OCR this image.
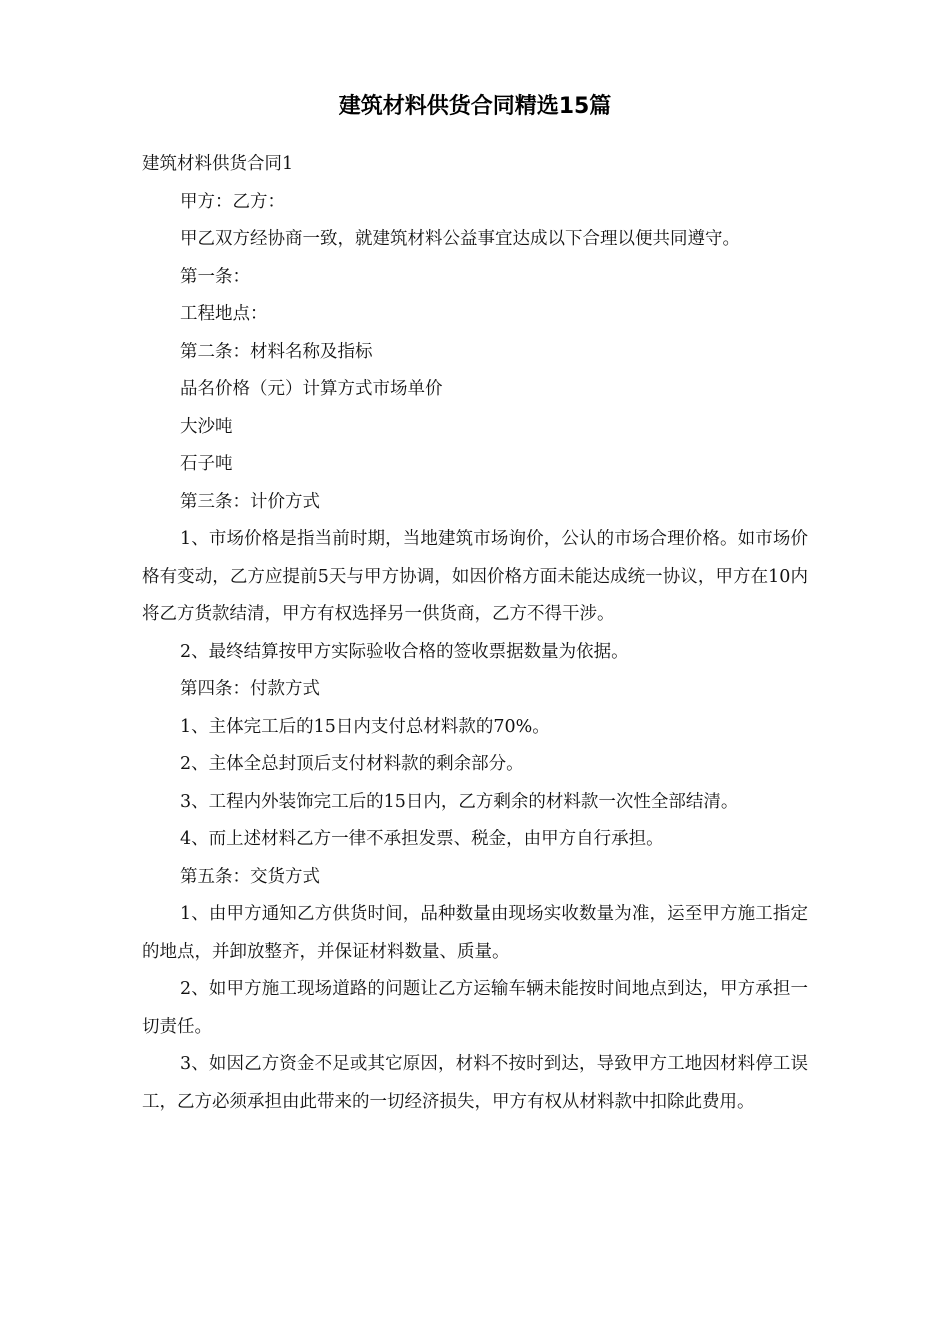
建筑材料供货合同精选15篇

建筑材料供货合同1

甲方：乙方：

甲乙双方经协商一致，就建筑材料公益事宜达成以下合理以便共同遵守。

第一条：

工程地点：

第二条：材料名称及指标

品名价格（元）计算方式市场单价

大沙吨

石子吨

第三条：计价方式

1、市场价格是指当前时期，当地建筑市场询价，公认的市场合理价格。如市场价格有变动，乙方应提前5天与甲方协调，如因价格方面未能达成统一协议，甲方在10内将乙方货款结清，甲方有权选择另一供货商，乙方不得干涉。

2、最终结算按甲方实际验收合格的签收票据数量为依据。

第四条：付款方式

1、主体完工后的15日内支付总材料款的70%。

2、主体全总封顶后支付材料款的剩余部分。

3、工程内外装饰完工后的15日内，乙方剩余的材料款一次性全部结清。

4、而上述材料乙方一律不承担发票、税金，由甲方自行承担。

第五条：交货方式

1、由甲方通知乙方供货时间，品种数量由现场实收数量为准，运至甲方施工指定的地点，并卸放整齐，并保证材料数量、质量。

2、如甲方施工现场道路的问题让乙方运输车辆未能按时间地点到达，甲方承担一切责任。

3、如因乙方资金不足或其它原因，材料不按时到达，导致甲方工地因材料停工误工，乙方必须承担由此带来的一切经济损失，甲方有权从材料款中扣除此费用。
